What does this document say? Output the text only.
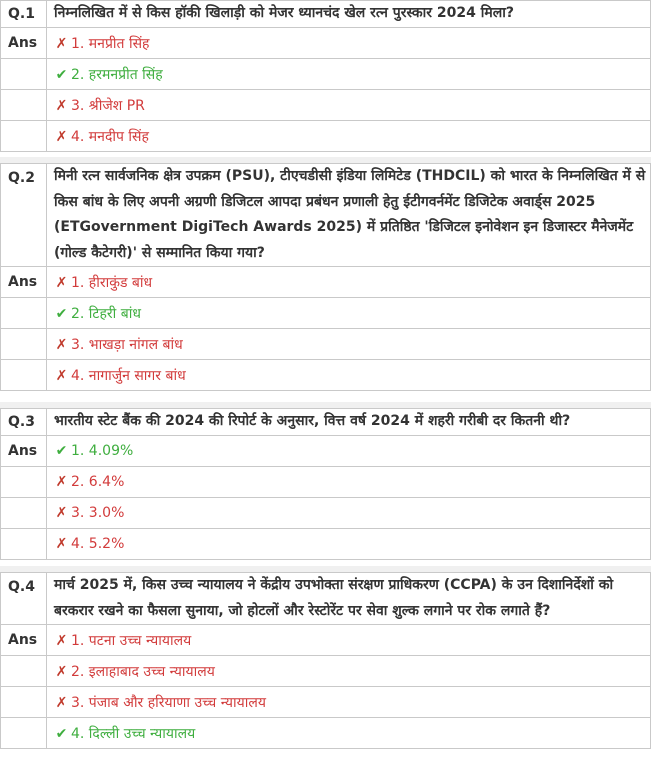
Q.1	निम्नलिखित में से किस हॉकी खिलाड़ी को मेजर ध्यानचंद खेल रत्न पुरस्कार 2024 मिला?
Ans	✗ 1. मनप्रीत सिंह
	✔ 2. हरमनप्रीत सिंह
	✗ 3. श्रीजेश PR
	✗ 4. मनदीप सिंह
Q.2	मिनी रत्न सार्वजनिक क्षेत्र उपक्रम (PSU), टीएचडीसी इंडिया लिमिटेड (THDCIL) को भारत के निम्नलिखित में से किस बांध के लिए अपनी अग्रणी डिजिटल आपदा प्रबंधन प्रणाली हेतु ईटीगवर्नमेंट डिजिटेक अवार्ड्स 2025 (ETGovernment DigiTech Awards 2025) में प्रतिष्ठित 'डिजिटल इनोवेशन इन डिजास्टर मैनेजमेंट (गोल्ड कैटेगरी)' से सम्मानित किया गया?
Ans	✗ 1. हीराकुंड बांध
	✔ 2. टिहरी बांध
	✗ 3. भाखड़ा नांगल बांध
	✗ 4. नागार्जुन सागर बांध
Q.3	भारतीय स्टेट बैंक की 2024 की रिपोर्ट के अनुसार, वित्त वर्ष 2024 में शहरी गरीबी दर कितनी थी?
Ans	✔ 1. 4.09%
	✗ 2. 6.4%
	✗ 3. 3.0%
	✗ 4. 5.2%
Q.4	मार्च 2025 में, किस उच्च न्यायालय ने केंद्रीय उपभोक्ता संरक्षण प्राधिकरण (CCPA) के उन दिशानिर्देशों को बरकरार रखने का फैसला सुनाया, जो होटलों और रेस्टोरेंट पर सेवा शुल्क लगाने पर रोक लगाते हैं?
Ans	✗ 1. पटना उच्च न्यायालय
	✗ 2. इलाहाबाद उच्च न्यायालय
	✗ 3. पंजाब और हरियाणा उच्च न्यायालय
	✔ 4. दिल्ली उच्च न्यायालय
